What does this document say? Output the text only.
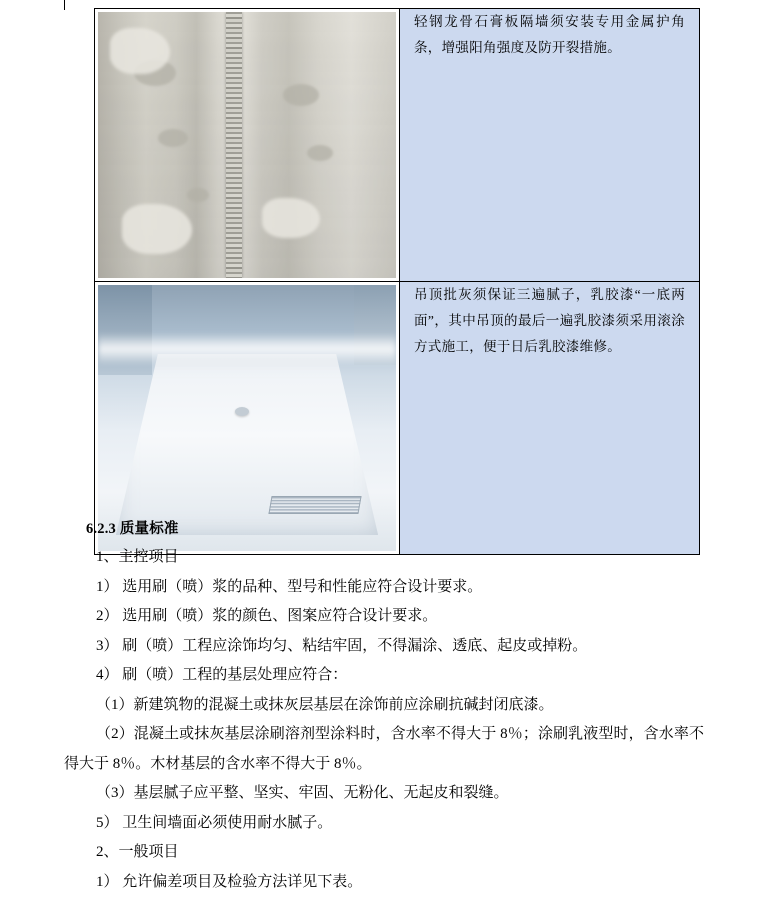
	轻钢龙骨石膏板隔墙须安装专用金属护角条，增强阳角强度及防开裂措施。

	吊顶批灰须保证三遍腻子，乳胶漆“一底两面”，其中吊顶的最后一遍乳胶漆须采用滚涂方式施工，便于日后乳胶漆维修。
6.2.3 质量标准

1、主控项目

1） 选用刷（喷）浆的品种、型号和性能应符合设计要求。

2） 选用刷（喷）浆的颜色、图案应符合设计要求。

3） 刷（喷）工程应涂饰均匀、粘结牢固，不得漏涂、透底、起皮或掉粉。

4） 刷（喷）工程的基层处理应符合：

（1）新建筑物的混凝土或抹灰层基层在涂饰前应涂刷抗碱封闭底漆。

（2）混凝土或抹灰基层涂刷溶剂型涂料时，含水率不得大于 8％；涂刷乳液型时，含水率不得大于 8％。木材基层的含水率不得大于 8％。

（3）基层腻子应平整、坚实、牢固、无粉化、无起皮和裂缝。

5） 卫生间墙面必须使用耐水腻子。

2、一般项目

1） 允许偏差项目及检验方法详见下表。
